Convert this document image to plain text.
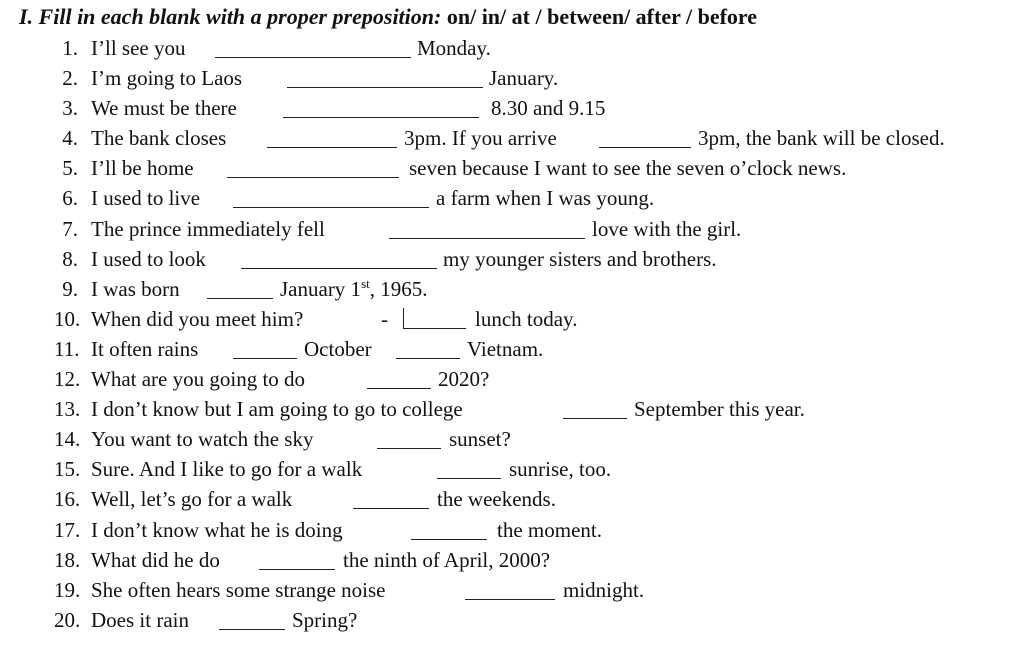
I. Fill in each blank with a proper preposition: on/ in/ at / between/ after / before
1. I’ll see you	Monday.
2. I’m going to Laos	January.
3. We must be there	8.30 and 9.15
4. The bank closes	3pm. If you arrive	3pm, the bank will be closed.
5. I’ll be home	seven because I want to see the seven o’clock news.
6. I used to live	a farm when I was young.
7. The prince immediately fell	love with the girl.
8. I used to look	my younger sisters and brothers.
9. I was born	January 1st, 1965.
10. When did you meet him?	-	lunch today.
11. It often rains	October	Vietnam.
12. What are you going to do	2020?
13. I don’t know but I am going to go to college	September this year.
14. You want to watch the sky	sunset?
15. Sure. And I like to go for a walk	sunrise, too.
16. Well, let’s go for a walk	the weekends.
17. I don’t know what he is doing	the moment.
18. What did he do	the ninth of April, 2000?
19. She often hears some strange noise	midnight.
20. Does it rain	Spring?
